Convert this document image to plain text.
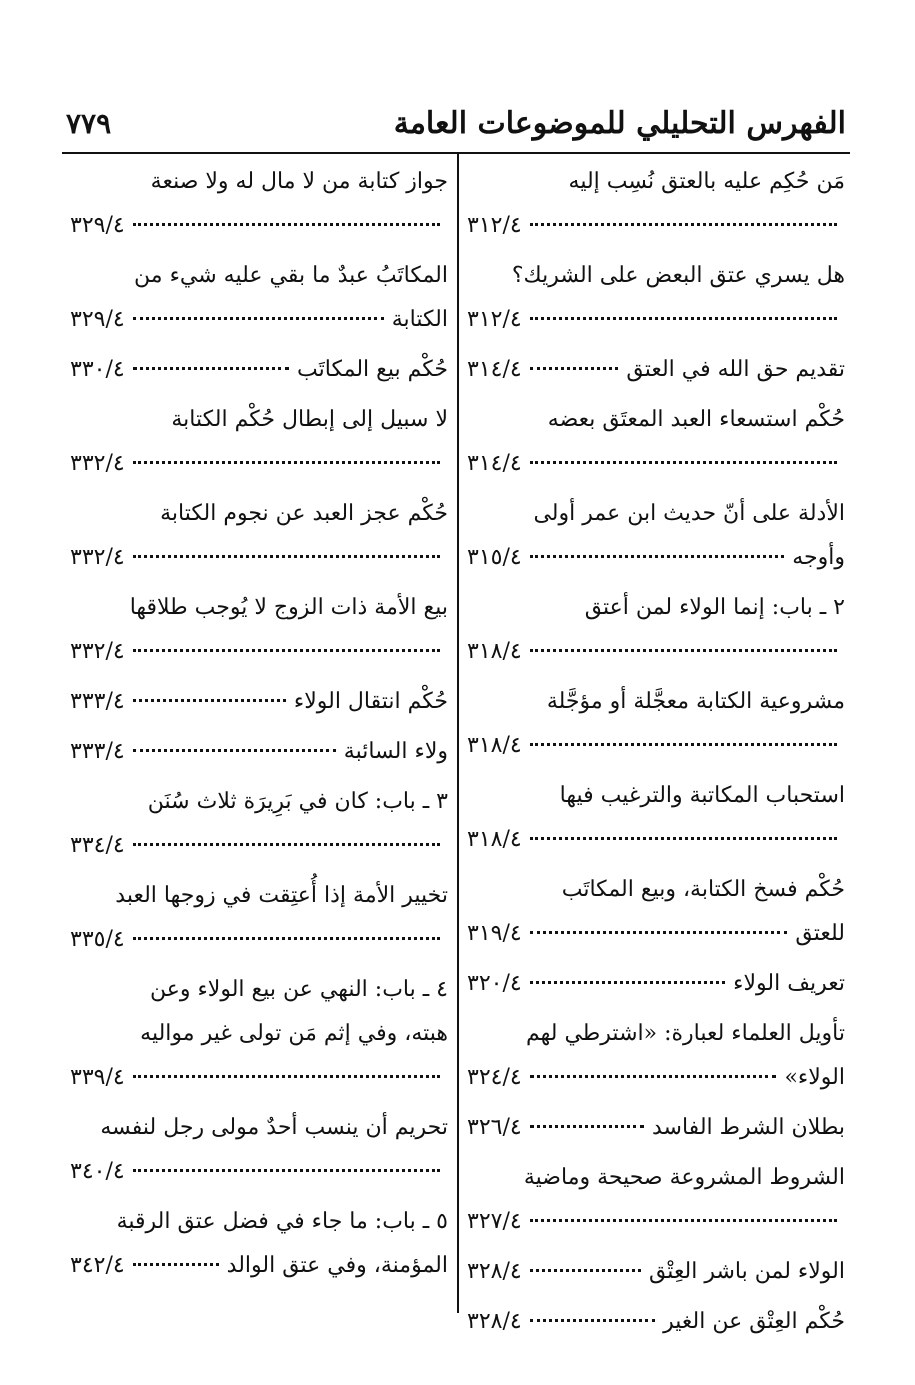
الفهرس التحليلي للموضوعات العامة
٧٧٩
مَن حُكِم عليه بالعتق نُسِب إليه
٣١٢/٤
هل يسري عتق البعض على الشريك؟
٣١٢/٤
تقديم حق الله في العتق
٣١٤/٤
حُكْم استسعاء العبد المعتَق بعضه
٣١٤/٤
الأدلة على أنّ حديث ابن عمر أولى
وأوجه
٣١٥/٤
٢ ـ باب: إنما الولاء لمن أعتق
٣١٨/٤
مشروعية الكتابة معجَّلة أو مؤجَّلة
٣١٨/٤
استحباب المكاتبة والترغيب فيها
٣١٨/٤
حُكْم فسخ الكتابة، وبيع المكاتَب
للعتق
٣١٩/٤
تعريف الولاء
٣٢٠/٤
تأويل العلماء لعبارة: «اشترطي لهم
الولاء»
٣٢٤/٤
بطلان الشرط الفاسد
٣٢٦/٤
الشروط المشروعة صحيحة وماضية
٣٢٧/٤
الولاء لمن باشر العِتْق
٣٢٨/٤
حُكْم العِتْق عن الغير
٣٢٨/٤
جواز كتابة من لا مال له ولا صنعة
٣٢٩/٤
المكاتَبُ عبدٌ ما بقي عليه شيء من
الكتابة
٣٢٩/٤
حُكْم بيع المكاتَب
٣٣٠/٤
لا سبيل إلى إبطال حُكْم الكتابة
٣٣٢/٤
حُكْم عجز العبد عن نجوم الكتابة
٣٣٢/٤
بيع الأمة ذات الزوج لا يُوجب طلاقها
٣٣٢/٤
حُكْم انتقال الولاء
٣٣٣/٤
ولاء السائبة
٣٣٣/٤
٣ ـ باب: كان في بَرِيرَة ثلاث سُنَن
٣٣٤/٤
تخيير الأمة إذا أُعتِقت في زوجها العبد
٣٣٥/٤
٤ ـ باب: النهي عن بيع الولاء وعن
هبته، وفي إثم مَن تولى غير مواليه
٣٣٩/٤
تحريم أن ينسب أحدٌ مولى رجل لنفسه
٣٤٠/٤
٥ ـ باب: ما جاء في فضل عتق الرقبة
المؤمنة، وفي عتق الوالد
٣٤٢/٤
